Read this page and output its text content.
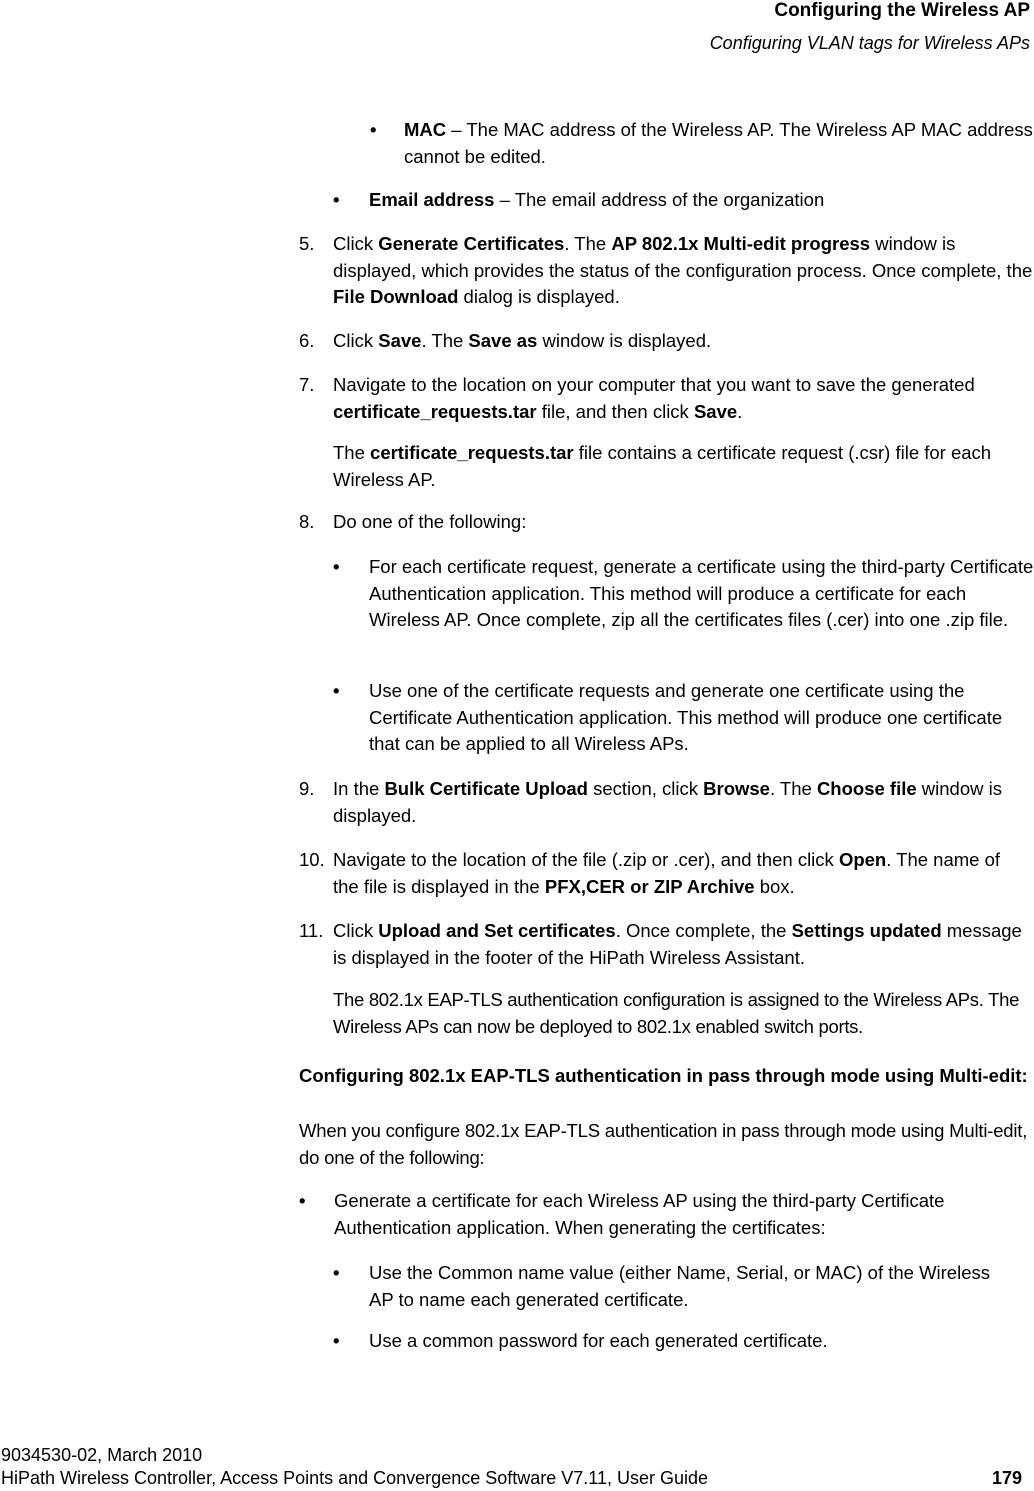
Configuring the Wireless AP
Configuring VLAN tags for Wireless APs
• MAC – The MAC address of the Wireless AP. The Wireless AP MAC address cannot be edited.
• Email address – The email address of the organization
5. Click Generate Certificates. The AP 802.1x Multi-edit progress window is displayed, which provides the status of the configuration process. Once complete, the File Download dialog is displayed.
6. Click Save. The Save as window is displayed.
7. Navigate to the location on your computer that you want to save the generated certificate_requests.tar file, and then click Save.
The certificate_requests.tar file contains a certificate request (.csr) file for each Wireless AP.
8. Do one of the following:
• For each certificate request, generate a certificate using the third-party Certificate Authentication application. This method will produce a certificate for each Wireless AP. Once complete, zip all the certificates files (.cer) into one .zip file.
• Use one of the certificate requests and generate one certificate using the Certificate Authentication application. This method will produce one certificate that can be applied to all Wireless APs.
9. In the Bulk Certificate Upload section, click Browse. The Choose file window is displayed.
10. Navigate to the location of the file (.zip or .cer), and then click Open. The name of the file is displayed in the PFX,CER or ZIP Archive box.
11. Click Upload and Set certificates. Once complete, the Settings updated message is displayed in the footer of the HiPath Wireless Assistant.
The 802.1x EAP-TLS authentication configuration is assigned to the Wireless APs. The Wireless APs can now be deployed to 802.1x enabled switch ports.
Configuring 802.1x EAP-TLS authentication in pass through mode using Multi-edit:
When you configure 802.1x EAP-TLS authentication in pass through mode using Multi-edit, do one of the following:
• Generate a certificate for each Wireless AP using the third-party Certificate Authentication application. When generating the certificates:
• Use the Common name value (either Name, Serial, or MAC) of the Wireless AP to name each generated certificate.
• Use a common password for each generated certificate.
9034530-02, March 2010
HiPath Wireless Controller, Access Points and Convergence Software V7.11, User Guide	179
